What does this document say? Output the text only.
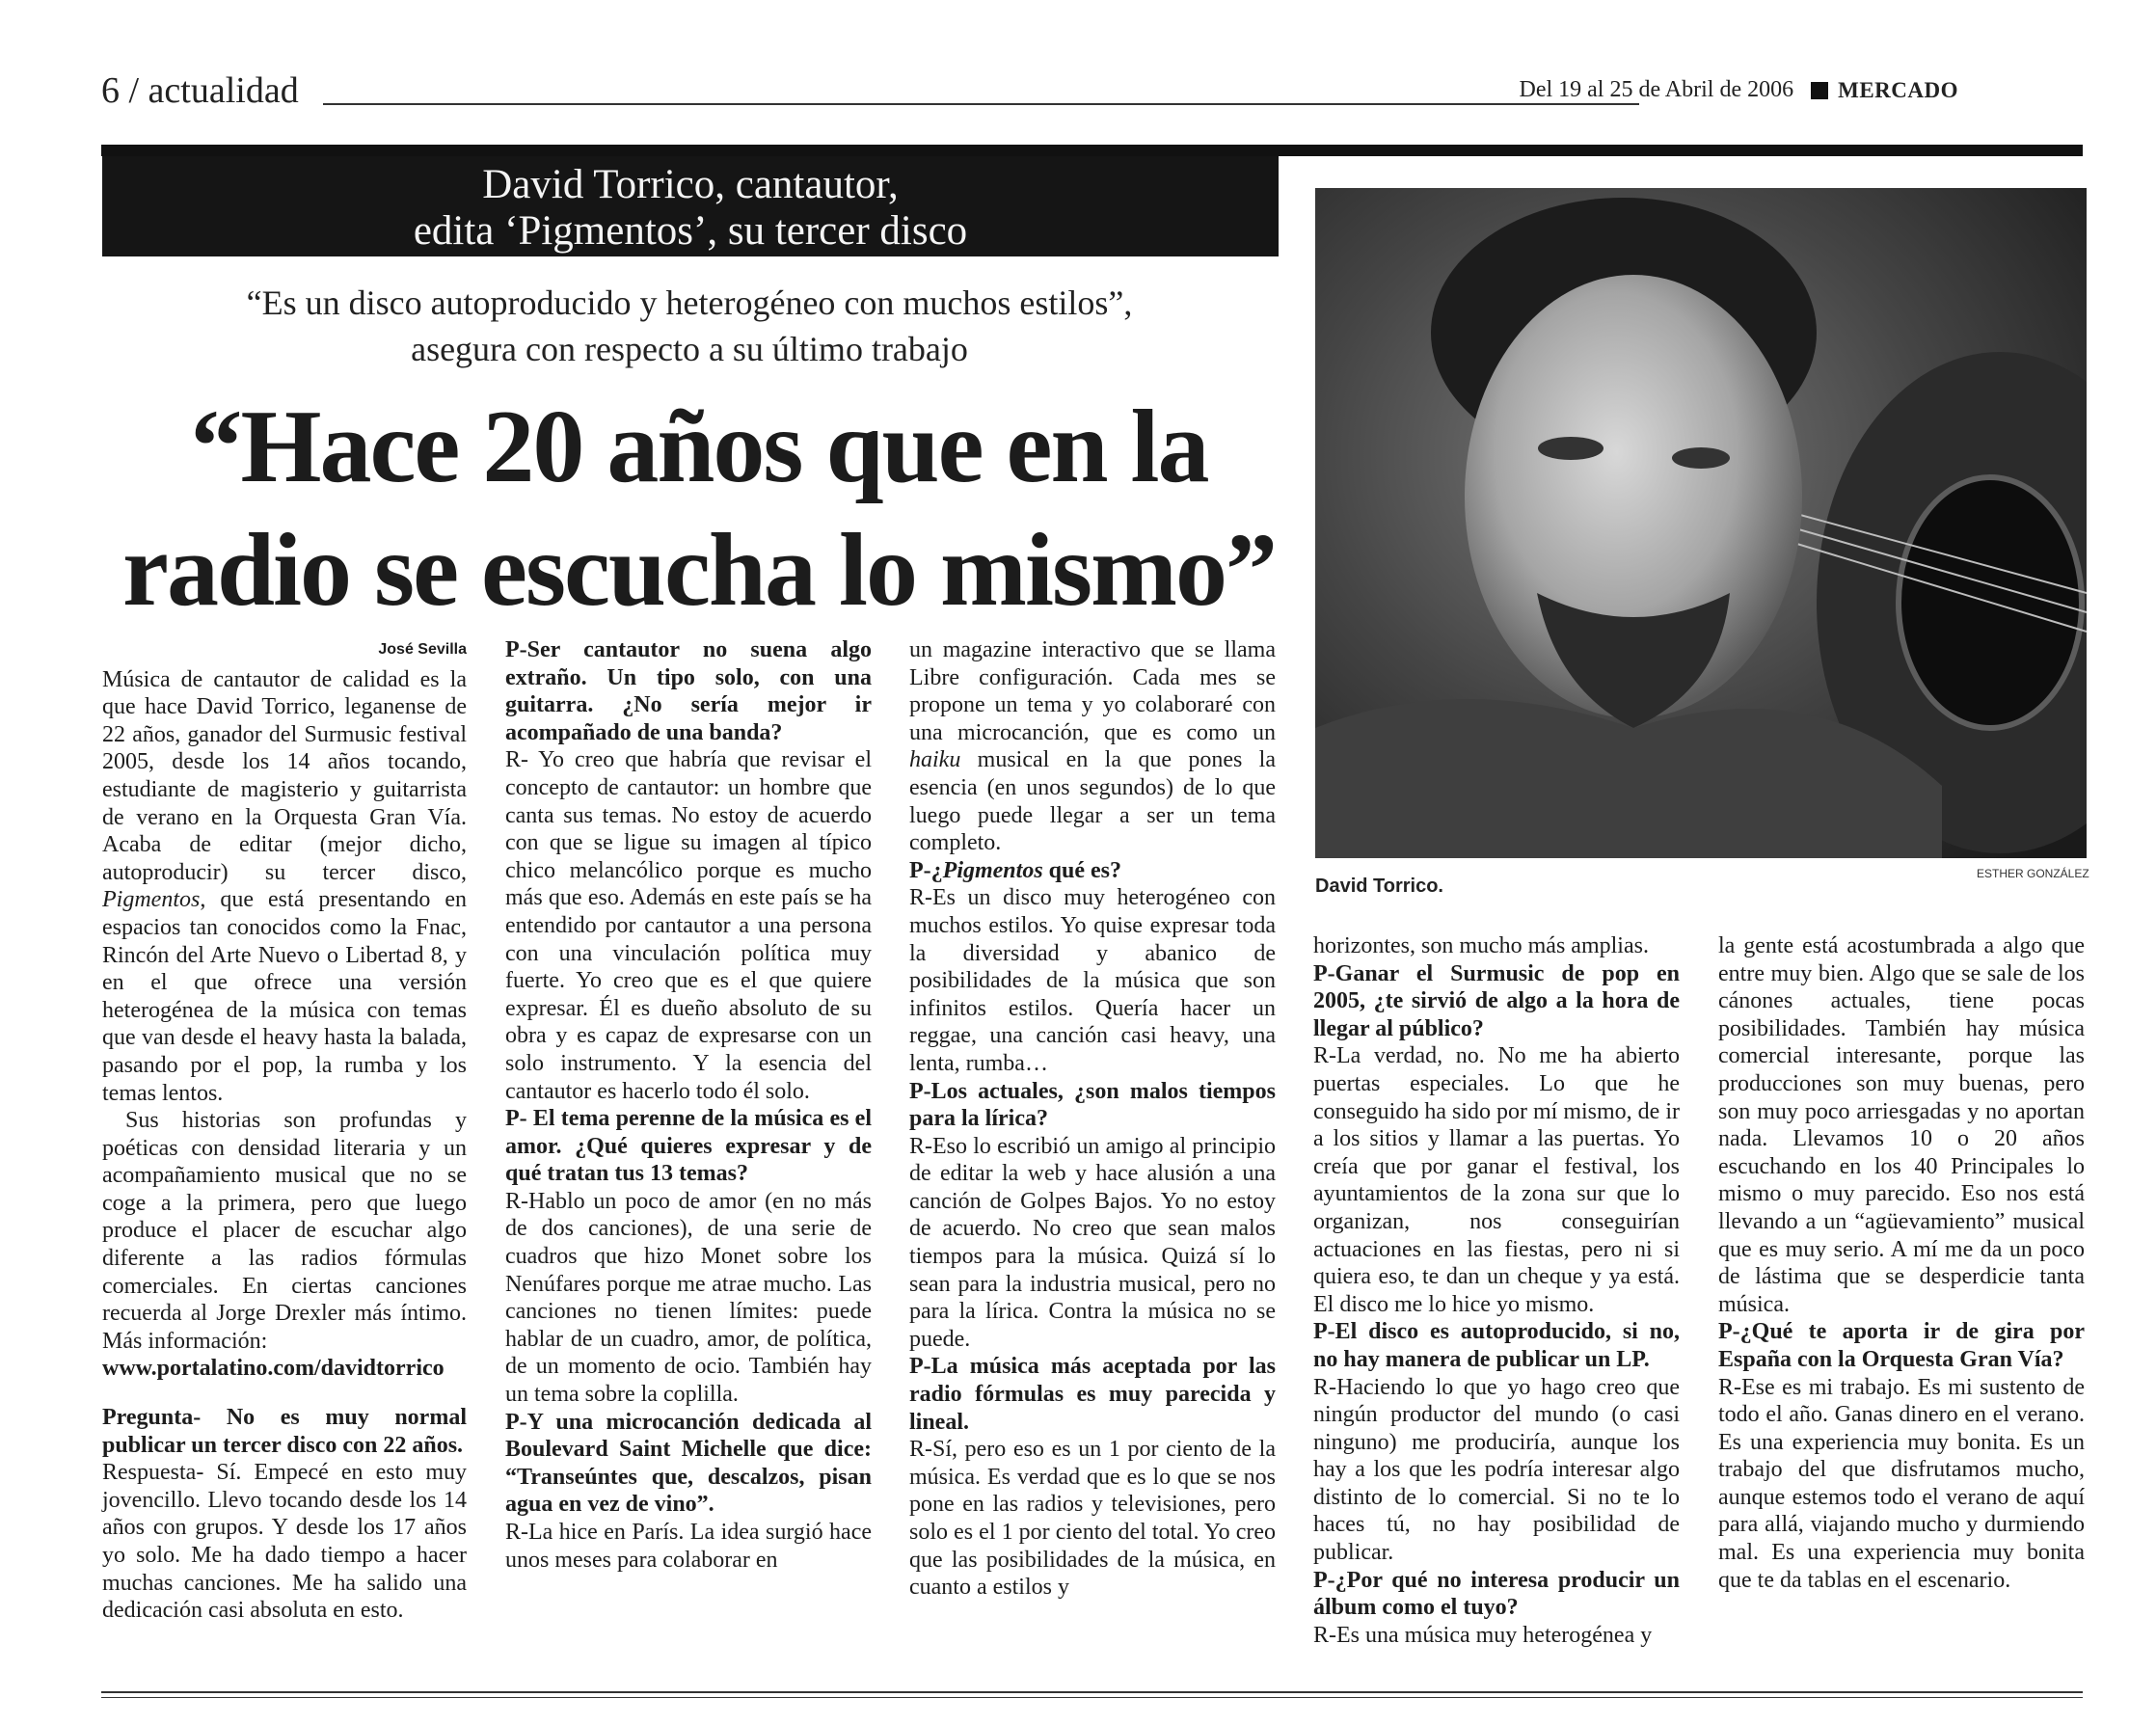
6 / actualidad	Del 19 al 25 de Abril de 2006 MERCADO
David Torrico, cantautor,
edita ‘Pigmentos’, su tercer disco
“Es un disco autoproducido y heterogéneo con muchos estilos”,
asegura con respecto a su último trabajo
“Hace 20 años que en la
radio se escucha lo mismo”
ESTHER GONZÁLEZ
David Torrico.

José Sevilla

Música de cantautor de calidad es la que hace David Torrico, leganense de 22 años, ganador del Surmusic festival 2005, desde los 14 años tocando, estudiante de magisterio y guitarrista de verano en la Orquesta Gran Vía. Acaba de editar (mejor dicho, autoproducir) su tercer disco, Pigmentos, que está presentando en espacios tan conocidos como la Fnac, Rincón del Arte Nuevo o Libertad 8, y en el que ofrece una versión heterogénea de la música con temas que van desde el heavy hasta la balada, pasando por el pop, la rumba y los temas lentos.

Sus historias son profundas y poéticas con densidad literaria y un acompañamiento musical que no se coge a la primera, pero que luego produce el placer de escuchar algo diferente a las radios fórmulas comerciales. En ciertas canciones recuerda al Jorge Drexler más íntimo. Más información:

www.portalatino.com/davidtorrico

Pregunta- No es muy normal publicar un tercer disco con 22 años.

Respuesta- Sí. Empecé en esto muy jovencillo. Llevo tocando desde los 14 años con grupos. Y desde los 17 años yo solo. Me ha dado tiempo a hacer muchas canciones. Me ha salido una dedicación casi absoluta en esto.

P-Ser cantautor no suena algo extraño. Un tipo solo, con una guitarra. ¿No sería mejor ir acompañado de una banda?

R- Yo creo que habría que revisar el concepto de cantautor: un hombre que canta sus temas. No estoy de acuerdo con que se ligue su imagen al típico chico melancólico porque es mucho más que eso. Además en este país se ha entendido por cantautor a una persona con una vinculación política muy fuerte. Yo creo que es el que quiere expresar. Él es dueño absoluto de su obra y es capaz de expresarse con un solo instrumento. Y la esencia del cantautor es hacerlo todo él solo.

P- El tema perenne de la música es el amor. ¿Qué quieres expresar y de qué tratan tus 13 temas?

R-Hablo un poco de amor (en no más de dos canciones), de una serie de cuadros que hizo Monet sobre los Nenúfares porque me atrae mucho. Las canciones no tienen límites: puede hablar de un cuadro, amor, de política, de un momento de ocio. También hay un tema sobre la coplilla.

P-Y una microcanción dedicada al Boulevard Saint Michelle que dice: “Transeúntes que, descalzos, pisan agua en vez de vino”.

R-La hice en París. La idea surgió hace unos meses para colaborar en

un magazine interactivo que se llama Libre configuración. Cada mes se propone un tema y yo colaboraré con una microcanción, que es como un haiku musical en la que pones la esencia (en unos segundos) de lo que luego puede llegar a ser un tema completo.

P-¿Pigmentos qué es?

R-Es un disco muy heterogéneo con muchos estilos. Yo quise expresar toda la diversidad y abanico de posibilidades de la música que son infinitos estilos. Quería hacer un reggae, una canción casi heavy, una lenta, rumba…

P-Los actuales, ¿son malos tiempos para la lírica?

R-Eso lo escribió un amigo al principio de editar la web y hace alusión a una canción de Golpes Bajos. Yo no estoy de acuerdo. No creo que sean malos tiempos para la música. Quizá sí lo sean para la industria musical, pero no para la lírica. Contra la música no se puede.

P-La música más aceptada por las radio fórmulas es muy parecida y lineal.

R-Sí, pero eso es un 1 por ciento de la música. Es verdad que es lo que se nos pone en las radios y televisiones, pero solo es el 1 por ciento del total. Yo creo que las posibilidades de la música, en cuanto a estilos y

horizontes, son mucho más amplias.

P-Ganar el Surmusic de pop en 2005, ¿te sirvió de algo a la hora de llegar al público?

R-La verdad, no. No me ha abierto puertas especiales. Lo que he conseguido ha sido por mí mismo, de ir a los sitios y llamar a las puertas. Yo creía que por ganar el festival, los ayuntamientos de la zona sur que lo organizan, nos conseguirían actuaciones en las fiestas, pero ni si quiera eso, te dan un cheque y ya está. El disco me lo hice yo mismo.

P-El disco es autoproducido, si no, no hay manera de publicar un LP.

R-Haciendo lo que yo hago creo que ningún productor del mundo (o casi ninguno) me produciría, aunque los hay a los que les podría interesar algo distinto de lo comercial. Si no te lo haces tú, no hay posibilidad de publicar.

P-¿Por qué no interesa producir un álbum como el tuyo?

R-Es una música muy heterogénea y

la gente está acostumbrada a algo que entre muy bien. Algo que se sale de los cánones actuales, tiene pocas posibilidades. También hay música comercial interesante, porque las producciones son muy buenas, pero son muy poco arriesgadas y no aportan nada. Llevamos 10 o 20 años escuchando en los 40 Principales lo mismo o muy parecido. Eso nos está llevando a un “agüevamiento” musical que es muy serio. A mí me da un poco de lástima que se desperdicie tanta música.

P-¿Qué te aporta ir de gira por España con la Orquesta Gran Vía?

R-Ese es mi trabajo. Es mi sustento de todo el año. Ganas dinero en el verano. Es una experiencia muy bonita. Es un trabajo del que disfrutamos mucho, aunque estemos todo el verano de aquí para allá, viajando mucho y durmiendo mal. Es una experiencia muy bonita que te da tablas en el escenario.
